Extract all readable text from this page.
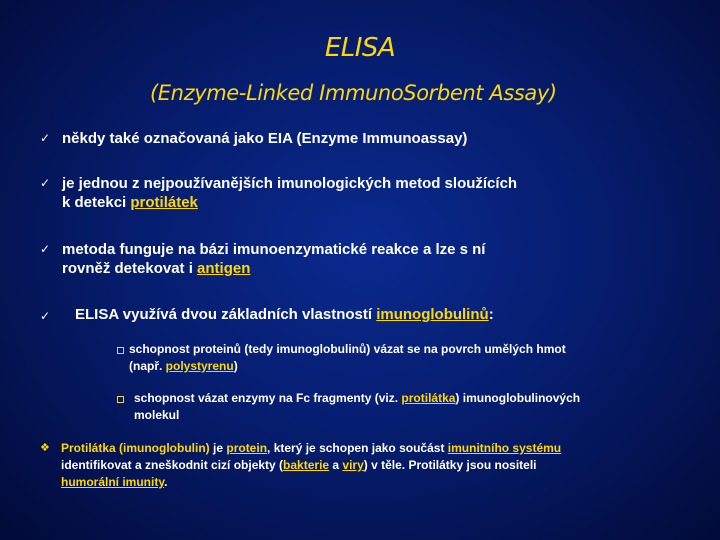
ELISA
(Enzyme-Linked ImmunoSorbent Assay)
✓ někdy také označovaná jako EIA (Enzyme Immunoassay)
✓ je jednou z nejpoužívanějších imunologických metod sloužících
k detekci protilátek
✓ metoda funguje na bázi imunoenzymatické reakce a lze s ní
rovněž detekovat i antigen
✓ ELISA využívá dvou základních vlastností imunoglobulinů:
schopnost proteinů (tedy imunoglobulinů) vázat se na povrch umělých hmot
(např. polystyrenu)
schopnost vázat enzymy na Fc fragmenty (viz. protilátka) imunoglobulinových
molekul
❖ Protilátka (imunoglobulin) je protein, který je schopen jako součást imunitního systému
identifikovat a zneškodnit cizí objekty (bakterie a viry) v těle. Protilátky jsou nositeli
humorální imunity.
